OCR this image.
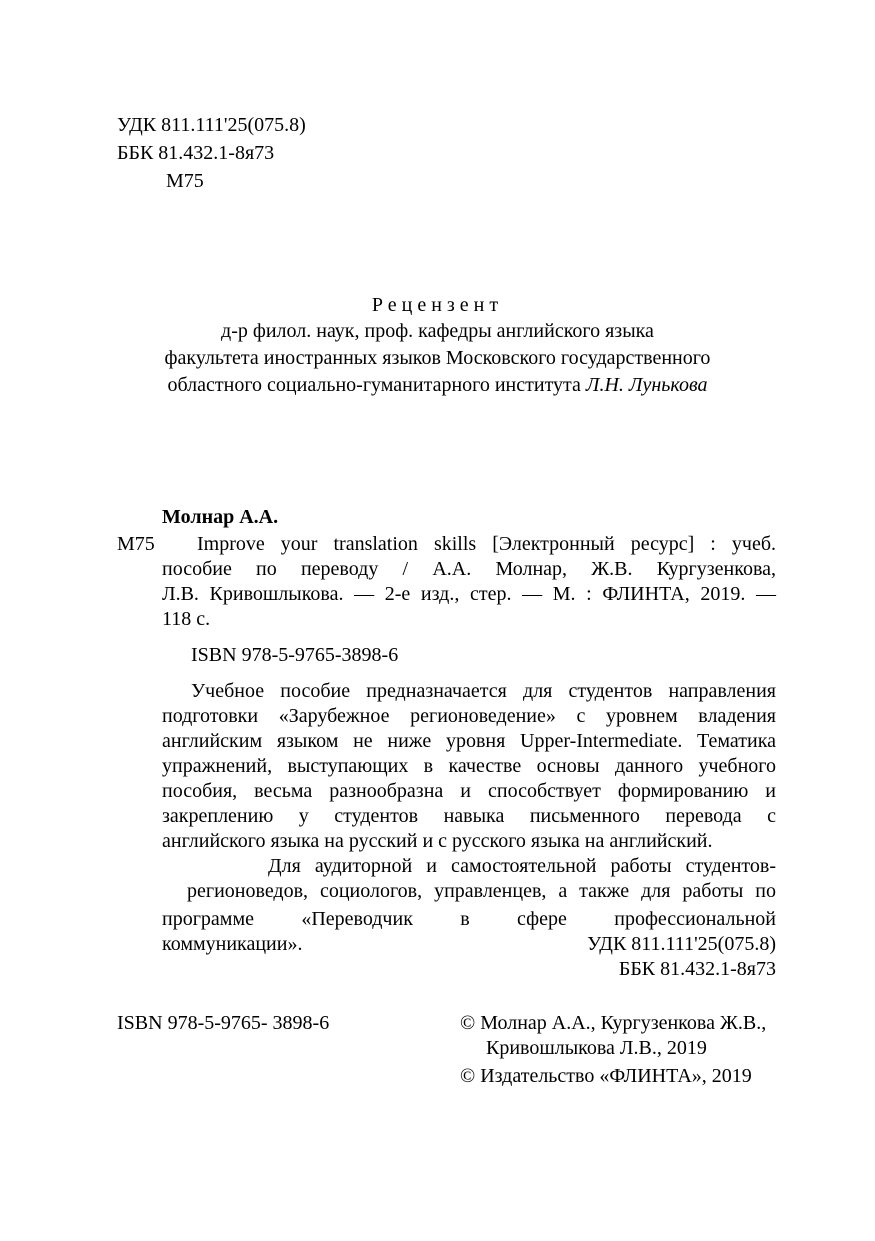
УДК 811.111'25(075.8)
ББК 81.432.1-8я73
М75
Рецензент
д-р филол. наук, проф. кафедры английского языка
факультета иностранных языков Московского государственного
областного социально-гуманитарного института Л.Н. Лунькова
Молнар А.А.
М75 Improve your translation skills [Электронный ресурс] : учеб.
пособие по переводу / А.А. Молнар, Ж.В. Кургузенкова,
Л.В. Кривошлыкова. — 2-е изд., стер. — М. : ФЛИНТА, 2019. —
118 с.
ISBN 978-5-9765-3898-6
Учебное пособие предназначается для студентов направления
подготовки «Зарубежное регионоведение» с уровнем владения
английским языком не ниже уровня Upper-Intermediate. Тематика
упражнений, выступающих в качестве основы данного учебного
пособия, весьма разнообразна и способствует формированию и
закреплению у студентов навыка письменного перевода с
английского языка на русский и с русского языка на английский.
Для аудиторной и самостоятельной работы студентов-
регионоведов, социологов, управленцев, а также для работы по
программе «Переводчик в сфере профессиональной
коммуникации».	УДК 811.111'25(075.8)
ББК 81.432.1-8я73
ISBN 978-5-9765- 3898-6	© Молнар А.А., Кургузенкова Ж.В.,
Кривошлыкова Л.В., 2019
© Издательство «ФЛИНТА», 2019
